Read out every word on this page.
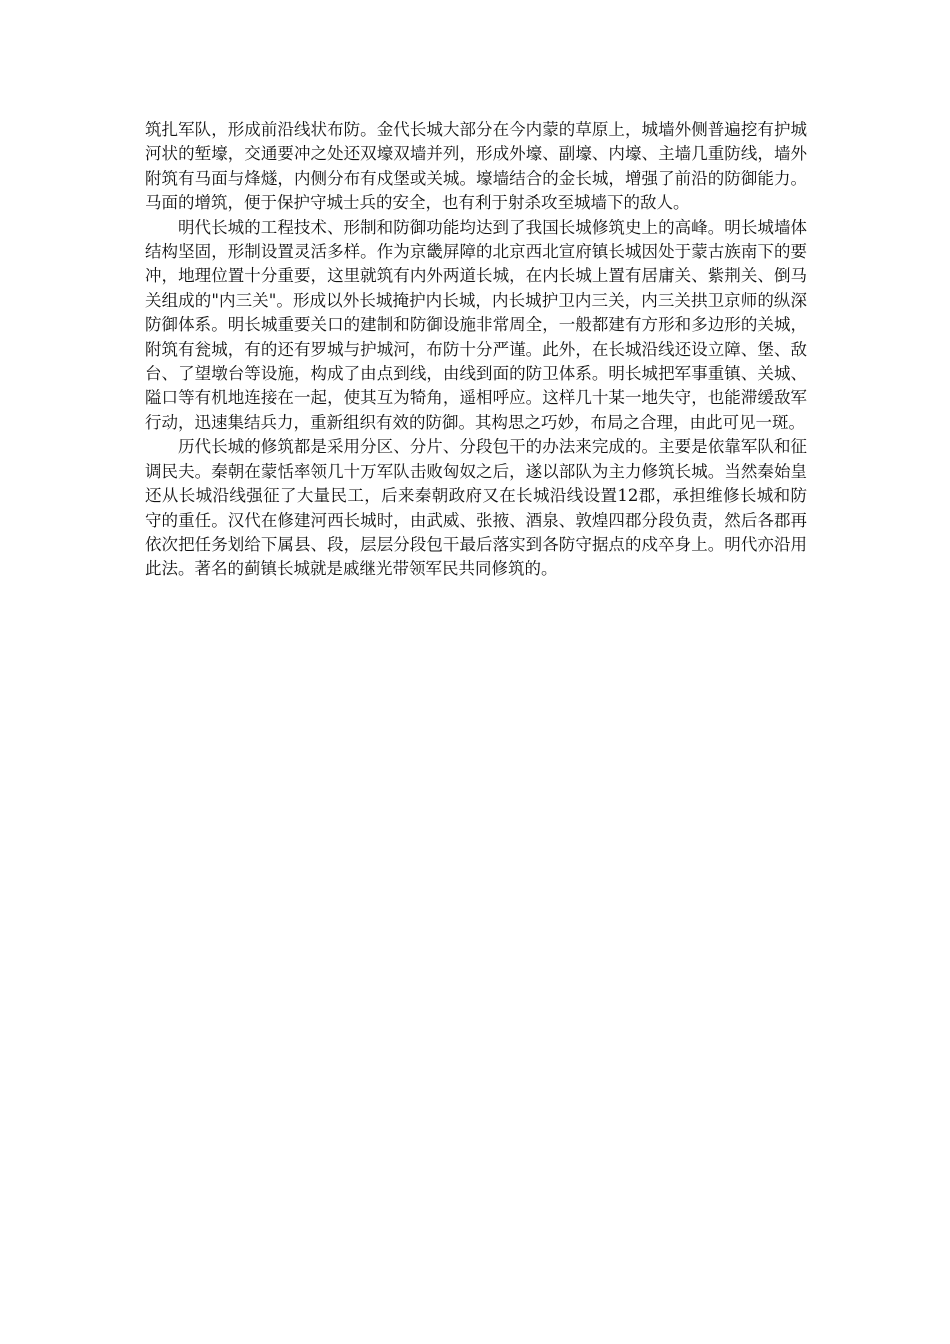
筑扎军队，形成前沿线状布防。金代长城大部分在今内蒙的草原上，城墙外侧普遍挖有护城河状的堑壕，交通要冲之处还双壕双墙并列，形成外壕、副壕、内壕、主墙几重防线，墙外附筑有马面与烽燧，内侧分布有戍堡或关城。壕墙结合的金长城，增强了前沿的防御能力。马面的增筑，便于保护守城士兵的安全，也有利于射杀攻至城墙下的敌人。

明代长城的工程技术、形制和防御功能均达到了我国长城修筑史上的高峰。明长城墙体结构坚固，形制设置灵活多样。作为京畿屏障的北京西北宣府镇长城因处于蒙古族南下的要冲，地理位置十分重要，这里就筑有内外两道长城，在内长城上置有居庸关、紫荆关、倒马关组成的"内三关"。形成以外长城掩护内长城，内长城护卫内三关，内三关拱卫京师的纵深防御体系。明长城重要关口的建制和防御设施非常周全，一般都建有方形和多边形的关城，附筑有瓮城，有的还有罗城与护城河，布防十分严谨。此外，在长城沿线还设立障、堡、敌台、了望墩台等设施，构成了由点到线，由线到面的防卫体系。明长城把军事重镇、关城、隘口等有机地连接在一起，使其互为犄角，遥相呼应。这样几十某一地失守，也能滞缓敌军行动，迅速集结兵力，重新组织有效的防御。其构思之巧妙，布局之合理，由此可见一斑。

历代长城的修筑都是采用分区、分片、分段包干的办法来完成的。主要是依靠军队和征调民夫。秦朝在蒙恬率领几十万军队击败匈奴之后，遂以部队为主力修筑长城。当然秦始皇还从长城沿线强征了大量民工，后来秦朝政府又在长城沿线设置12郡，承担维修长城和防守的重任。汉代在修建河西长城时，由武威、张掖、酒泉、敦煌四郡分段负责，然后各郡再依次把任务划给下属县、段，层层分段包干最后落实到各防守据点的戍卒身上。明代亦沿用此法。著名的蓟镇长城就是戚继光带领军民共同修筑的。
